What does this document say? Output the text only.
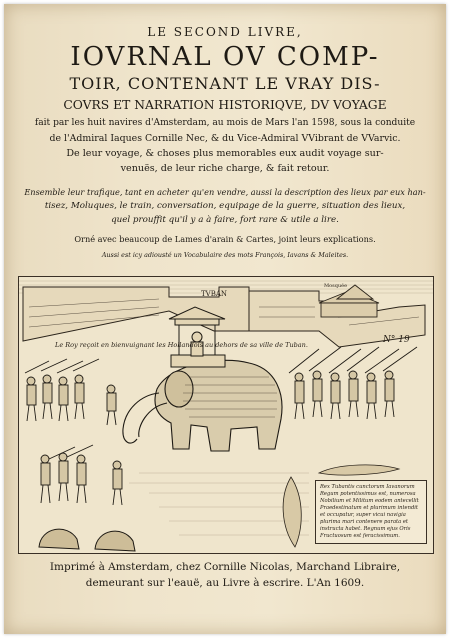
LE SECOND LIVRE,
IOVRNAL OV COMP-
TOIR, CONTENANT LE VRAY DIS-
COVRS ET NARRATION HISTORIQVE, DV VOYAGE
fait par les huit navires d'Amsterdam, au mois de Mars l'an 1598, sous la conduite
de l'Admiral Iaques Cornille Nec, & du Vice-Admiral VVibrant de VVarvic.
De leur voyage, & choses plus memorables eux audit voyage sur-
venuës, de leur riche charge, & fait retour.
Ensemble leur trafique, tant en acheter qu'en vendre, aussi la description des lieux par eux han-
tisez, Moluques, le train, conversation, equipage de la guerre, situation des lieux,
quel prouffit qu'il y a à faire, fort rare & utile a lire.
Orné avec beaucoup de Lames d'arain & Cartes, joint leurs explications.
Aussi est icy adiousté un Vocabulaire des mots François, Iavans & Maleites.
TVBAN
Mosquée
Le Roy reçoit en bienvuignant les Hollandois au dehors de sa ville de Tuban.	N° 19
Rex Tubantis cunctorum Iavanorum Regum potentissimus est, numerosa Nobilium et Militum eodem antecellit Praedestinatum et plurimum intendit et occupatur, super vicui navigia plurima mari contenere parata et instructa habet. Regnum ejus Oris Fructuosum est feracissimum.
Imprimé à Amsterdam, chez Cornille Nicolas, Marchand Libraire,
demeurant sur l'eauë, au Livre à escrire. L'An 1609.
